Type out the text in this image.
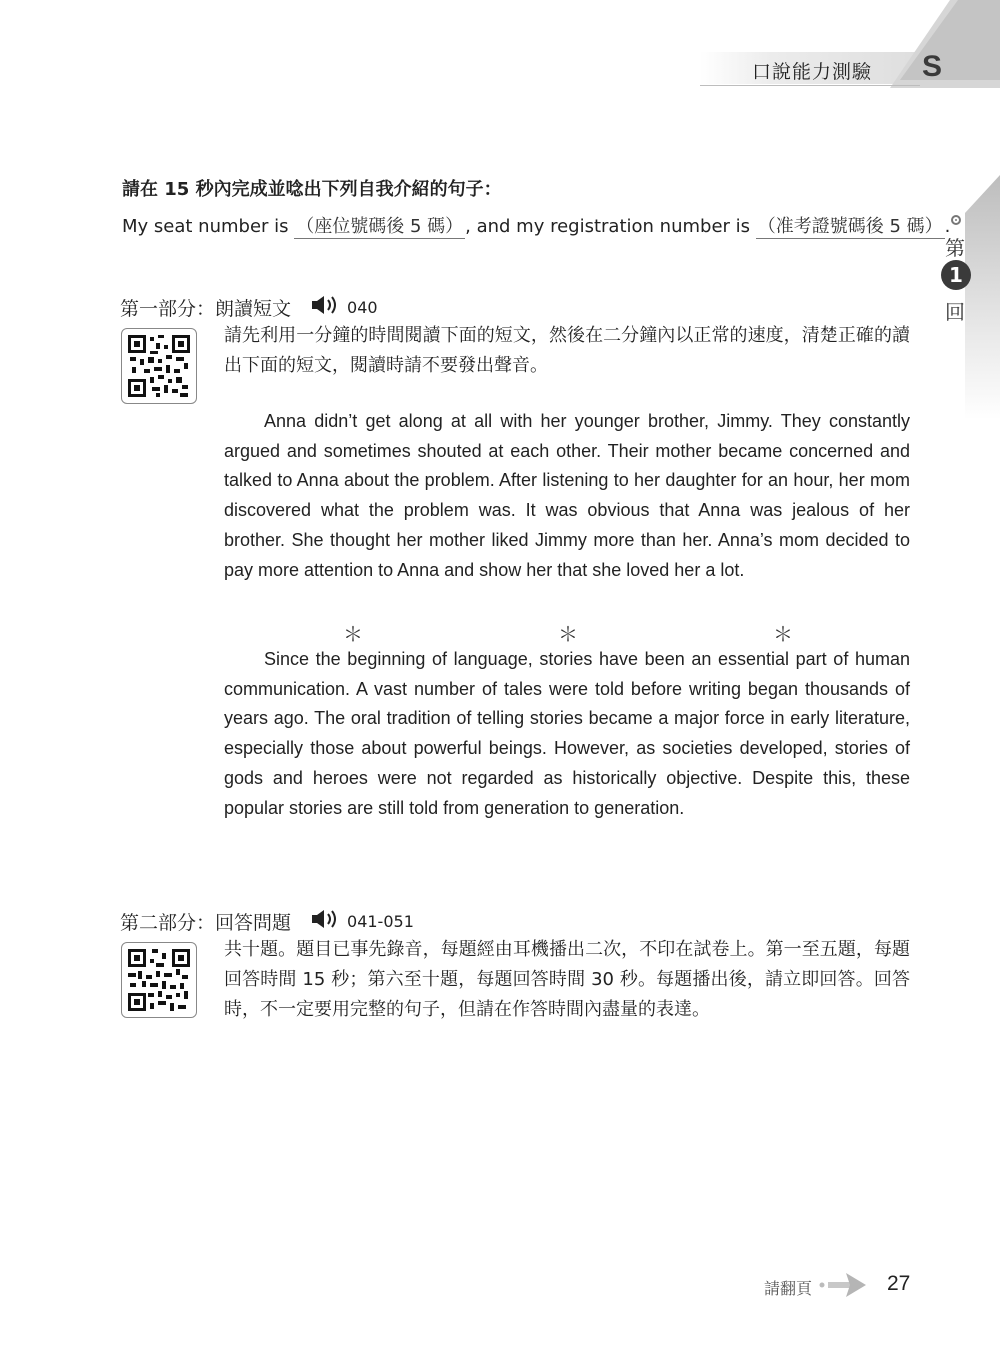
口說能力測驗 S
第
1
回
請在 15 秒內完成並唸出下列自我介紹的句子：
My seat number is （座位號碼後 5 碼） , and my registration number is （准考證號碼後 5 碼） .
第一部分：朗讀短文	040
請先利用一分鐘的時間閱讀下面的短文，然後在二分鐘內以正常的速度，清楚正確的讀出下面的短文，閱讀時請不要發出聲音。
Anna didn’t get along at all with her younger brother, Jimmy. They constantly argued and sometimes shouted at each other. Their mother became concerned and talked to Anna about the problem. After listening to her daughter for an hour, her mom discovered what the problem was. It was obvious that Anna was jealous of her brother. She thought her mother liked Jimmy more than her. Anna’s mom decided to pay more attention to Anna and show her that she loved her a lot.
＊	＊	＊
Since the beginning of language, stories have been an essential part of human communication. A vast number of tales were told before writing began thousands of years ago. The oral tradition of telling stories became a major force in early literature, especially those about powerful beings. However, as societies developed, stories of gods and heroes were not regarded as historically objective. Despite this, these popular stories are still told from generation to generation.
第二部分：回答問題	041-051
共十題。題目已事先錄音，每題經由耳機播出二次，不印在試卷上。第一至五題，每題回答時間 15 秒；第六至十題，每題回答時間 30 秒。每題播出後，請立即回答。回答時，不一定要用完整的句子，但請在作答時間內盡量的表達。
請翻頁	27
